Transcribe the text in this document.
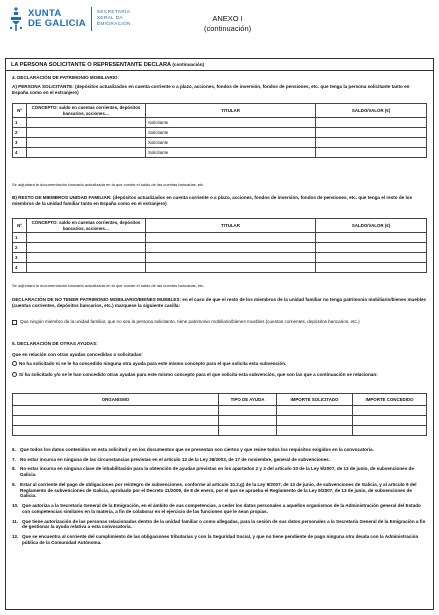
XUNTA
DE GALICIA
SECRETARÍA
XERAL DA
EMIGRACIÓN
ANEXO I
(continuación)
LA PERSONA SOLICITANTE O REPRESENTANTE DECLARA (continuación)
4. DECLARACIÓN DE PATRIMONIO MOBILIARIO:
A) PERSONA SOLICITANTE: (depósitos actualizados en cuenta corriente o a plazo, acciones, fondos de inversión, fondos de pensiones, etc. que tenga la persona solicitante tanto en España como en el extranjero)
Nº	CONCEPTO: saldo en cuentas corrientes, depósitos bancarios, acciones…	TITULAR	SALDO/VALOR (€)
1		Solicitante	
2		Solicitante	
3		Solicitante	
4		Solicitante	
Se adjuntará la documentación bancaria actualizada en la que conste el saldo de las cuentas bancarias, etc.
B) RESTO DE MIEMBROS UNIDAD FAMILIAR: (depósitos actualizados en cuenta corriente o a plazo, acciones, fondos de inversión, fondos de pensiones, etc. que tenga el resto de los miembros de la unidad familiar tanto en España como en el extranjero)
Nº	CONCEPTO: saldo en cuentas corrientes, depósitos bancarios, acciones…	TITULAR	SALDO/VALOR (€)
1			
2			
3			
4			
Se adjuntará la documentación bancaria actualizada en la que conste el saldo de las cuentas bancarias, etc.
DECLARACIÓN DE NO TENER PATRIMONIO MOBILIARIO/BIENES MUEBLES: en el caso de que el resto de los miembros de la unidad familiar no tenga patrimonio mobiliario/bienes muebles (cuentas corrientes, depósitos bancarios, etc.) marquese la siguiente casilla:
Que ningún miembro de la unidad familiar, que no sea la persona solicitante, tiene patrimonio mobiliario/bienes muebles (cuentas corrientes, depósitos bancarios, etc.)
5. DECLARACIÓN DE OTRAS AYUDAS:
Que en relación con otras ayudas concedidas o solicitadas:
No ha solicitado ni se le ha concedido ninguna otra ayuda para este mismo concepto para el que solicita esta subvención.
Sí ha solicitado y/o se le han concedido otras ayudas para este mismo concepto para el que solicita esta subvención, que son las que a continuación se relacionan:
ORGANISMO	TIPO DE AYUDA	IMPORTE SOLICITADO	IMPORTE CONCEDIDO

6. Que todos los datos contenidos en esta solicitud y en los documentos que se presentan son ciertos y que reúne todos los requisitos exigidos en la convocatoria.
7. No estar incursa en ninguna de las circunstancias previstas en el artículo 13 de la Ley 38/2003, de 17 de noviembre, general de subvenciones.
8. No estar incursa en ninguna clase de inhabilitación para la obtención de ayudas previstas en los apartados 2 y 3 del artículo 10 de la Ley 9/2007, de 13 de junio, de subvenciones de Galicia.
9. Estar al corriente del pago de obligaciones por reintegro de subvenciones, conforme al artículo 10.2.g) de la Ley 9/2007, de 13 de junio, de subvenciones de Galicia, y al artículo 9 del Reglamento de subvenciones de Galicia, aprobado por el Decreto 11/2009, de 8 de enero, por el que se aprueba el Reglamento de la Ley 9/2007, de 13 de junio, de subvenciones de Galicia.
10. Que autoriza a la Secretaría General de la Emigración, en el ámbito de sus competencias, a ceder los datos personales a aquellos organismos de la Administración general del Estado con competencias similares en la materia, a fin de colaborar en el ejercicio de las funciones que le sean propias.
11. Que tiene autorización de las personas relacionadas dentro de la unidad familiar o como allegadas, para la cesión de sus datos personales a la Secretaría General de la Emigración a fin de gestionar la ayuda relativa a esta convocatoria.
12. Que se encuentra al corriente del cumplimiento de las obligaciones tributarias y con la Seguridad Social, y que no tiene pendiente de pago ninguna otra deuda con la Administración pública de la Comunidad Autónoma.
